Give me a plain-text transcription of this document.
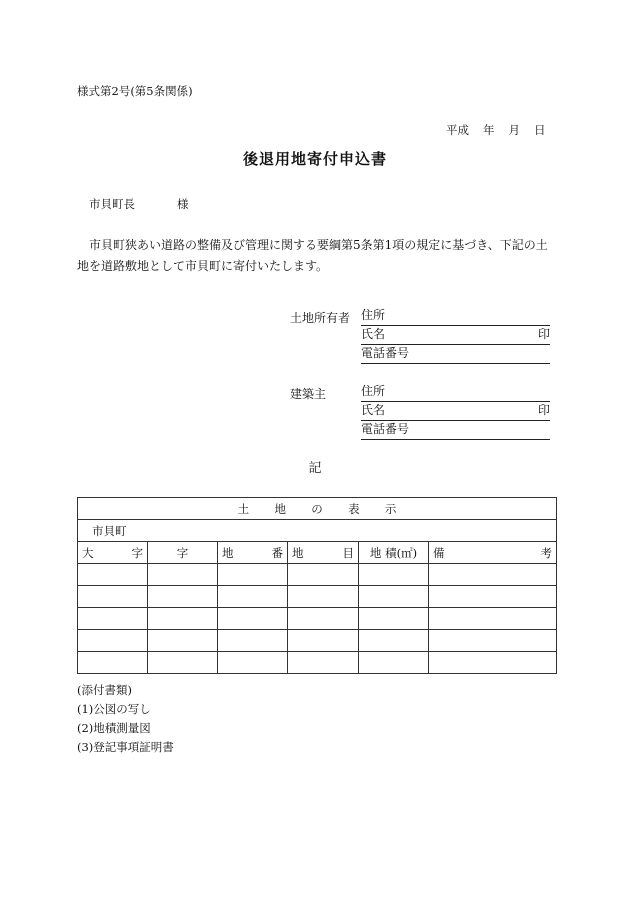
様式第2号(第5条関係)
平成 年 月 日
後退用地寄付申込書
市貝町長	様
市貝町狭あい道路の整備及び管理に関する要綱第5条第1項の規定に基づき、下記の土地を道路敷地として市貝町に寄付いたします。
土地所有者 住所
氏名	印
電話番号
建築主	住所
氏名	印
電話番号
記
土 地 の 表 示					
市貝町					

大 字	字	地 番	地 目	地 積(㎡)	備 考

(添付書類)
(1)公図の写し
(2)地積測量図
(3)登記事項証明書
